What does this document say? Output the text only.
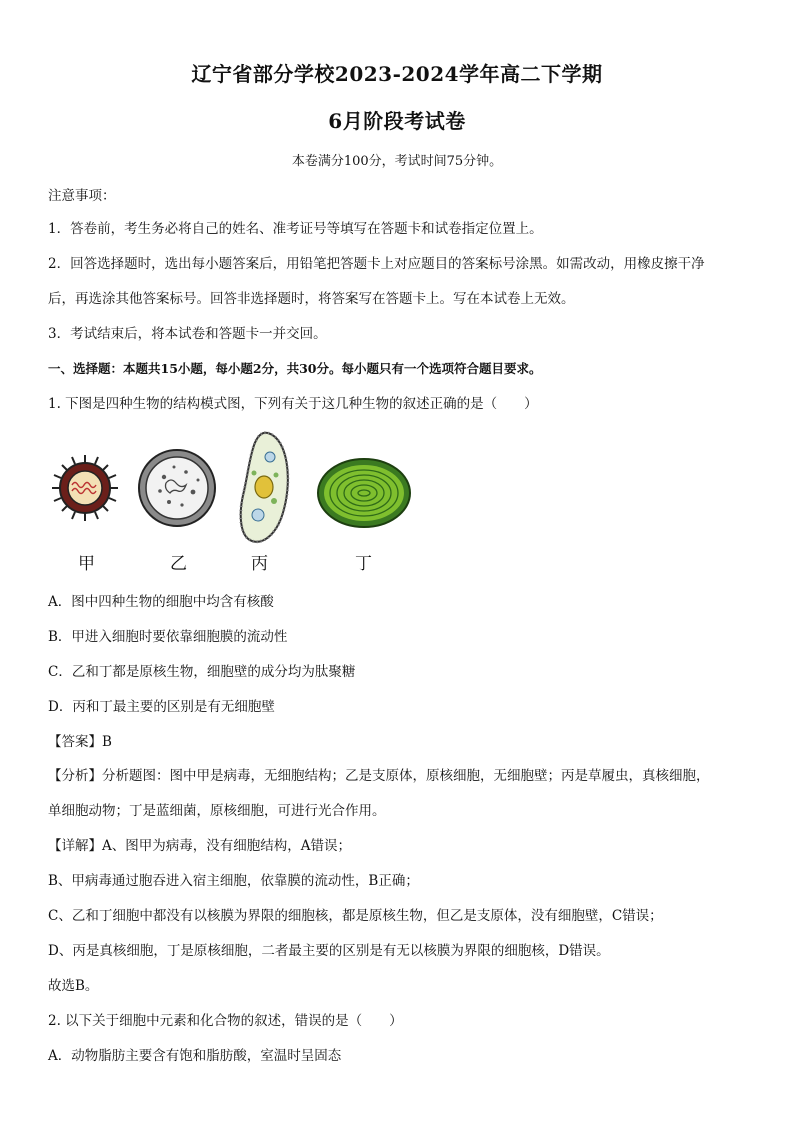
辽宁省部分学校2023-2024学年高二下学期
6月阶段考试卷
本卷满分100分，考试时间75分钟。
注意事项：
1．答卷前，考生务必将自己的姓名、准考证号等填写在答题卡和试卷指定位置上。
2．回答选择题时，选出每小题答案后，用铅笔把答题卡上对应题目的答案标号涂黑。如需改动，用橡皮擦干净
后，再选涂其他答案标号。回答非选择题时，将答案写在答题卡上。写在本试卷上无效。
3．考试结束后，将本试卷和答题卡一并交回。
一、选择题：本题共15小题，每小题2分，共30分。每小题只有一个选项符合题目要求。
1. 下图是四种生物的结构模式图，下列有关于这几种生物的叙述正确的是（　　）
甲	乙	丙	丁
A．图中四种生物的细胞中均含有核酸
B．甲进入细胞时要依靠细胞膜的流动性
C．乙和丁都是原核生物，细胞壁的成分均为肽聚糖
D．丙和丁最主要的区别是有无细胞壁
【答案】B
【分析】分析题图：图中甲是病毒，无细胞结构；乙是支原体，原核细胞，无细胞壁；丙是草履虫，真核细胞，
单细胞动物；丁是蓝细菌，原核细胞，可进行光合作用。
【详解】A、图甲为病毒，没有细胞结构，A错误；
B、甲病毒通过胞吞进入宿主细胞，依靠膜的流动性，B正确；
C、乙和丁细胞中都没有以核膜为界限的细胞核，都是原核生物，但乙是支原体，没有细胞壁，C错误；
D、丙是真核细胞，丁是原核细胞，二者最主要的区别是有无以核膜为界限的细胞核，D错误。
故选B。
2. 以下关于细胞中元素和化合物的叙述，错误的是（　　）
A．动物脂肪主要含有饱和脂肪酸，室温时呈固态
